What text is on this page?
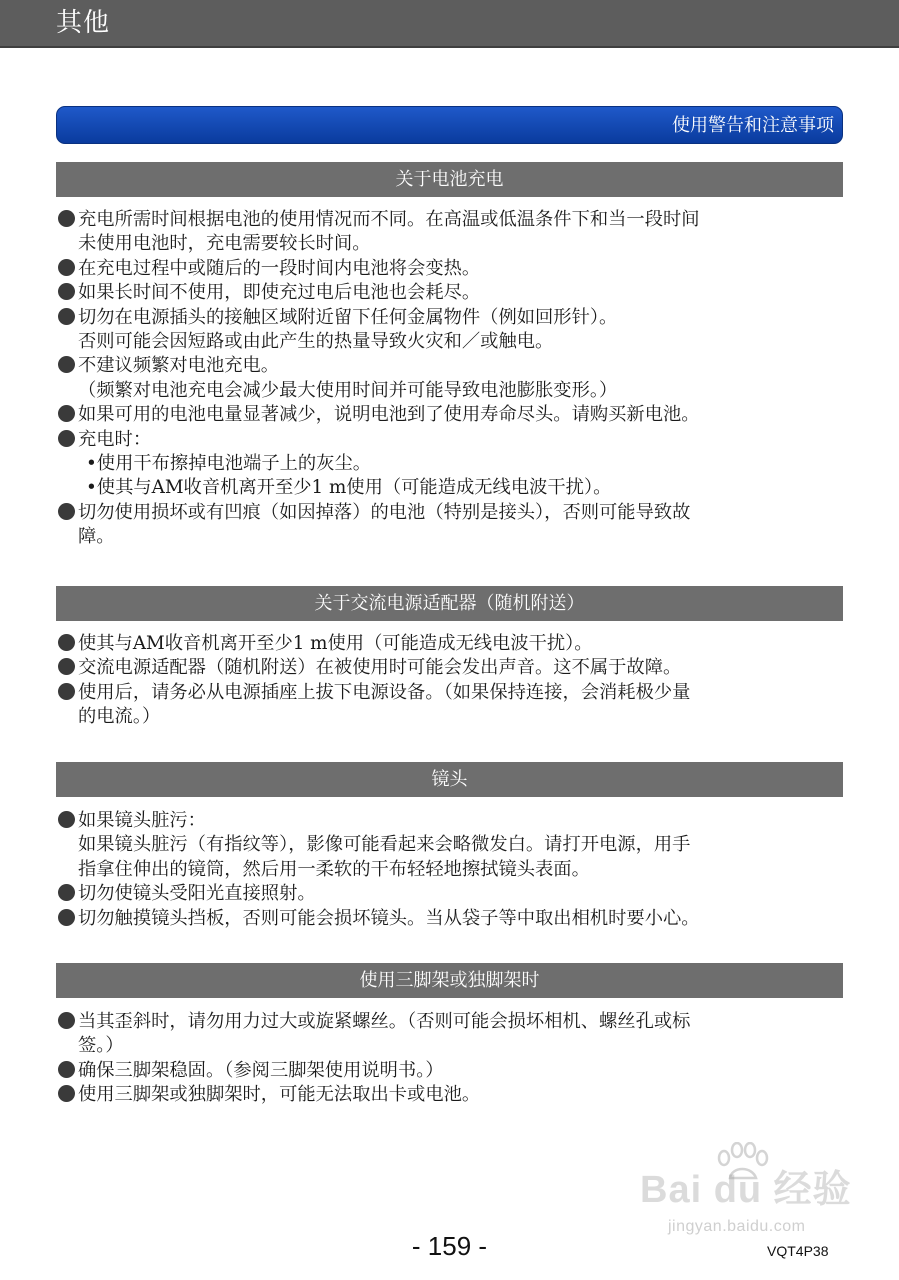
其他
使用警告和注意事项
关于电池充电
充电所需时间根据电池的使用情况而不同。在高温或低温条件下和当一段时间
未使用电池时，充电需要较长时间。
在充电过程中或随后的一段时间内电池将会变热。
如果长时间不使用，即使充过电后电池也会耗尽。
切勿在电源插头的接触区域附近留下任何金属物件（例如回形针）。
否则可能会因短路或由此产生的热量导致火灾和／或触电。
不建议频繁对电池充电。
（频繁对电池充电会减少最大使用时间并可能导致电池膨胀变形。）
如果可用的电池电量显著减少，说明电池到了使用寿命尽头。请购买新电池。
充电时：
•使用干布擦掉电池端子上的灰尘。
•使其与AM收音机离开至少1 m使用（可能造成无线电波干扰）。
切勿使用损坏或有凹痕（如因掉落）的电池（特别是接头），否则可能导致故
障。
关于交流电源适配器（随机附送）
使其与AM收音机离开至少1 m使用（可能造成无线电波干扰）。
交流电源适配器（随机附送）在被使用时可能会发出声音。这不属于故障。
使用后，请务必从电源插座上拔下电源设备。（如果保持连接，会消耗极少量
的电流。）
镜头
如果镜头脏污：
如果镜头脏污（有指纹等），影像可能看起来会略微发白。请打开电源，用手
指拿住伸出的镜筒，然后用一柔软的干布轻轻地擦拭镜头表面。
切勿使镜头受阳光直接照射。
切勿触摸镜头挡板，否则可能会损坏镜头。当从袋子等中取出相机时要小心。
使用三脚架或独脚架时
当其歪斜时，请勿用力过大或旋紧螺丝。（否则可能会损坏相机、螺丝孔或标
签。）
确保三脚架稳固。（参阅三脚架使用说明书。）
使用三脚架或独脚架时，可能无法取出卡或电池。
Bai du 经验
jingyan.baidu.com
- 159 -	VQT4P38
